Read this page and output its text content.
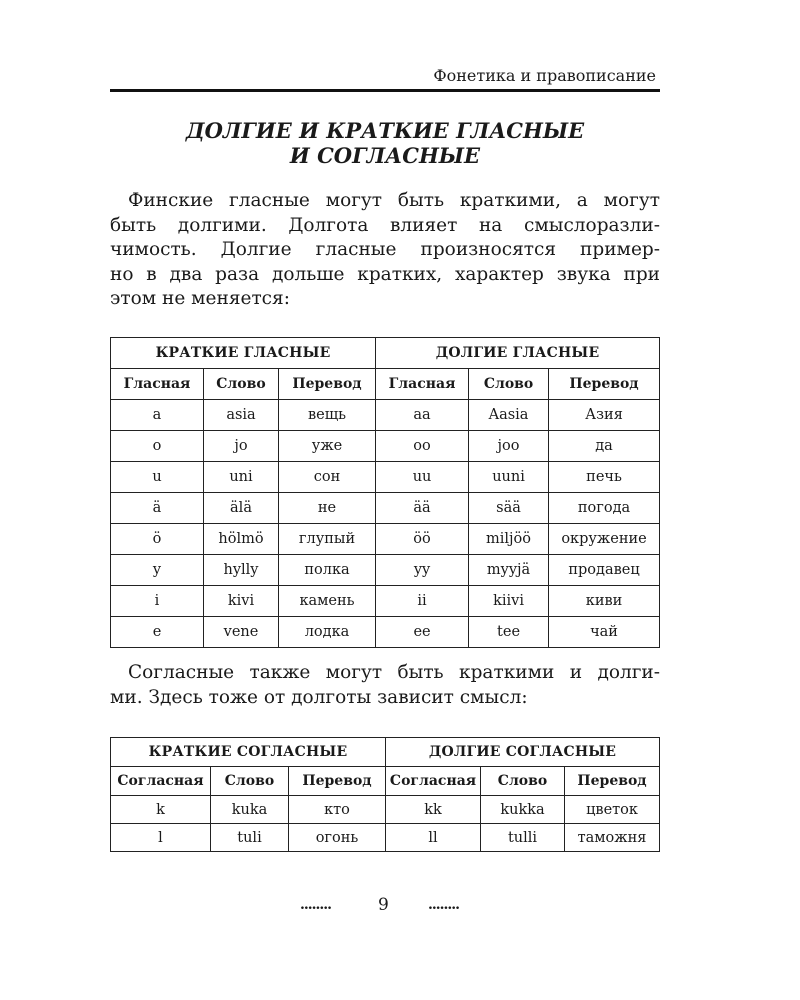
Фонетика и правописание
ДОЛГИЕ И КРАТКИЕ ГЛАСНЫЕ
И СОГЛАСНЫЕ
Финские гласные могут быть краткими, а могут
быть долгими. Долгота влияет на смыслоразли-
чимость. Долгие гласные произносятся пример-
но в два раза дольше кратких, характер звука при
этом не меняется:
КРАТКИЕ ГЛАСНЫЕ			ДОЛГИЕ ГЛАСНЫЕ		
Гласная	Слово	Перевод	Гласная	Слово	Перевод
a	asia	вещь	aa	Aasia	Азия
o	jo	уже	oo	joo	да
u	uni	сон	uu	uuni	печь
ä	älä	не	ää	sää	погода
ö	hölmö	глупый	öö	miljöö	окружение
y	hylly	полка	yy	myyjä	продавец
i	kivi	камень	ii	kiivi	киви
e	vene	лодка	ee	tee	чай
Согласные также могут быть краткими и долги-
ми. Здесь тоже от долготы зависит смысл:
КРАТКИЕ СОГЛАСНЫЕ			ДОЛГИЕ СОГЛАСНЫЕ		
Согласная	Слово	Перевод	Согласная	Слово	Перевод
k	kuka	кто	kk	kukka	цветок
l	tuli	огонь	ll	tulli	таможня
........	9	........
